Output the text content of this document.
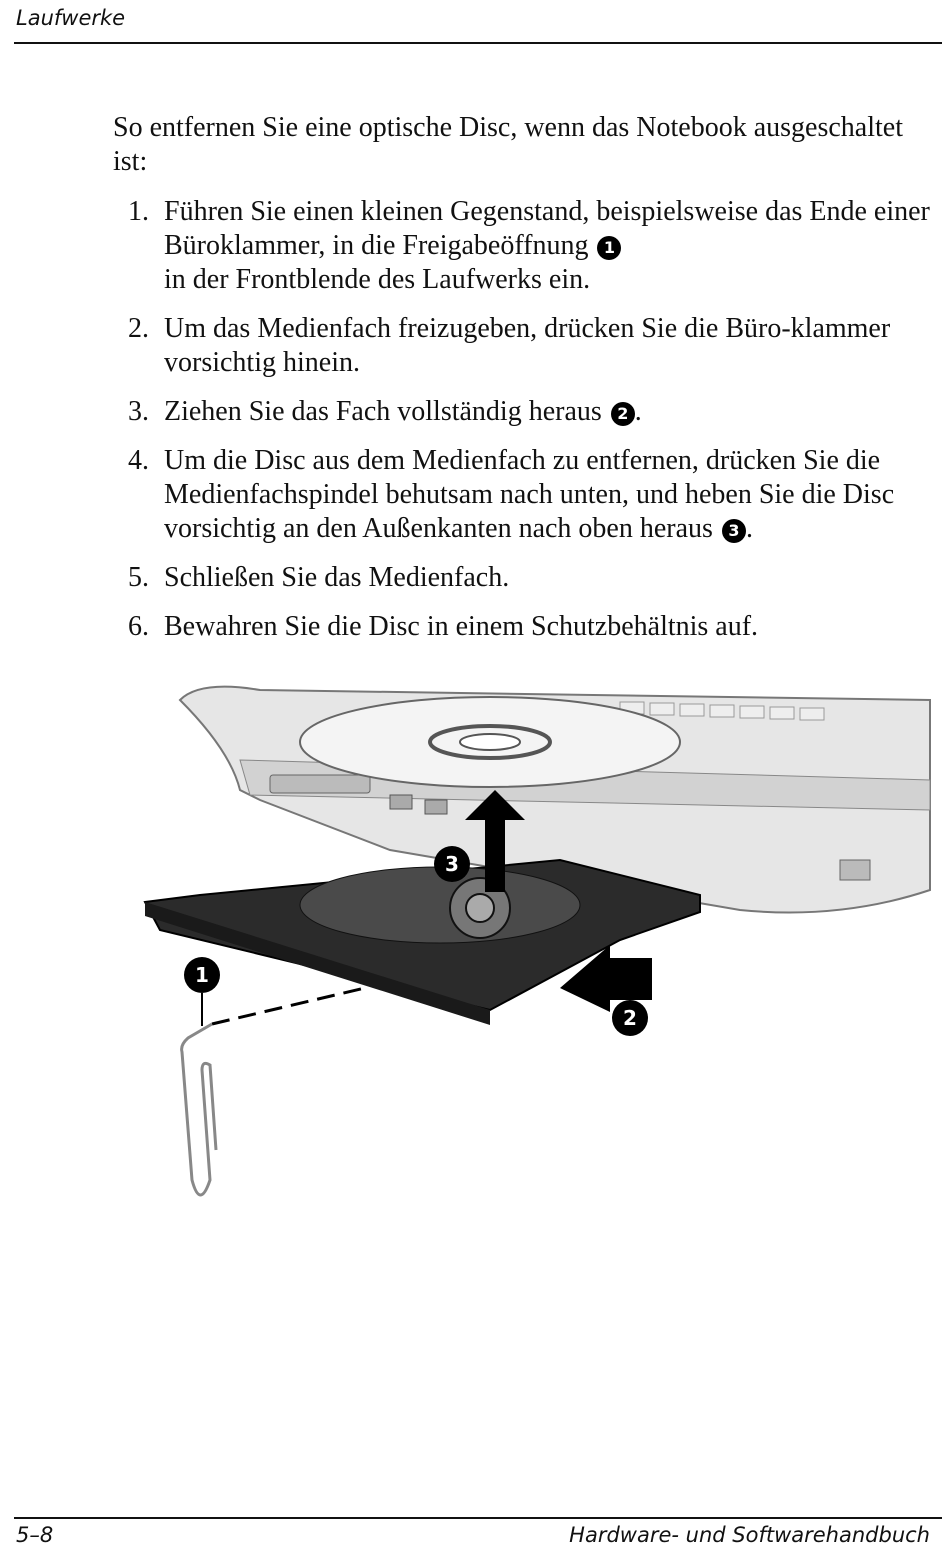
Laufwerke
So entfernen Sie eine optische Disc, wenn das Notebook ausgeschaltet ist:
1. Führen Sie einen kleinen Gegenstand, beispielsweise das Ende einer Büroklammer, in die Freigabeöffnung 1
in der Frontblende des Laufwerks ein.
2. Um das Medienfach freizugeben, drücken Sie die Büro-klammer vorsichtig hinein.
3. Ziehen Sie das Fach vollständig heraus 2 .
4. Um die Disc aus dem Medienfach zu entfernen, drücken Sie die Medienfachspindel behutsam nach unten, und heben Sie die Disc vorsichtig an den Außenkanten nach oben heraus 3 .
5. Schließen Sie das Medienfach.
6. Bewahren Sie die Disc in einem Schutzbehältnis auf.
1
2
3
5–8	Hardware- und Softwarehandbuch
